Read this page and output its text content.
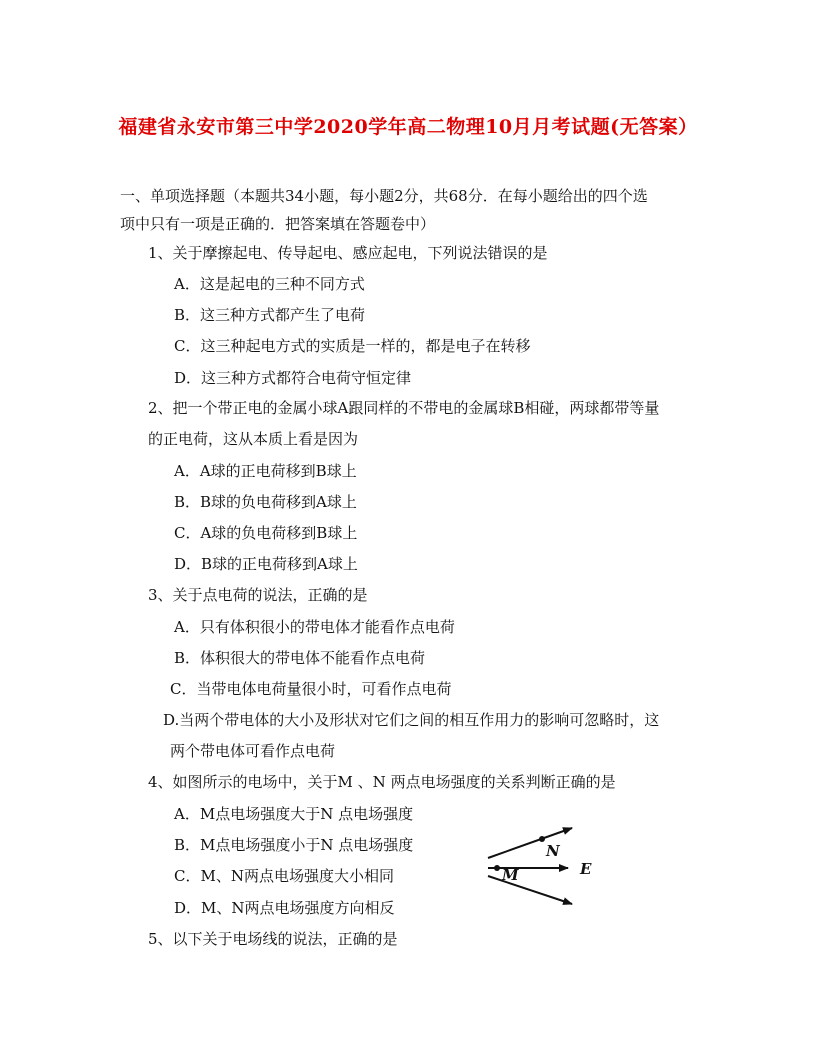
福建省永安市第三中学2020学年高二物理10月月考试题(无答案）
一、单项选择题（本题共34小题，每小题2分，共68分．在每小题给出的四个选
项中只有一项是正确的．把答案填在答题卷中）
1、关于摩擦起电、传导起电、感应起电，下列说法错误的是
A．这是起电的三种不同方式
B．这三种方式都产生了电荷
C．这三种起电方式的实质是一样的，都是电子在转移
D．这三种方式都符合电荷守恒定律
2、把一个带正电的金属小球A跟同样的不带电的金属球B相碰，两球都带等量
的正电荷，这从本质上看是因为
A．A球的正电荷移到B球上
B．B球的负电荷移到A球上
C．A球的负电荷移到B球上
D．B球的正电荷移到A球上
3、关于点电荷的说法，正确的是
A．只有体积很小的带电体才能看作点电荷
B．体积很大的带电体不能看作点电荷
C．当带电体电荷量很小时，可看作点电荷
D.当两个带电体的大小及形状对它们之间的相互作用力的影响可忽略时，这
两个带电体可看作点电荷
4、如图所示的电场中，关于M 、N 两点电场强度的关系判断正确的是
A．M点电场强度大于N 点电场强度
B．M点电场强度小于N 点电场强度
C．M、N两点电场强度大小相同
D．M、N两点电场强度方向相反
N
M	E
5、以下关于电场线的说法，正确的是
